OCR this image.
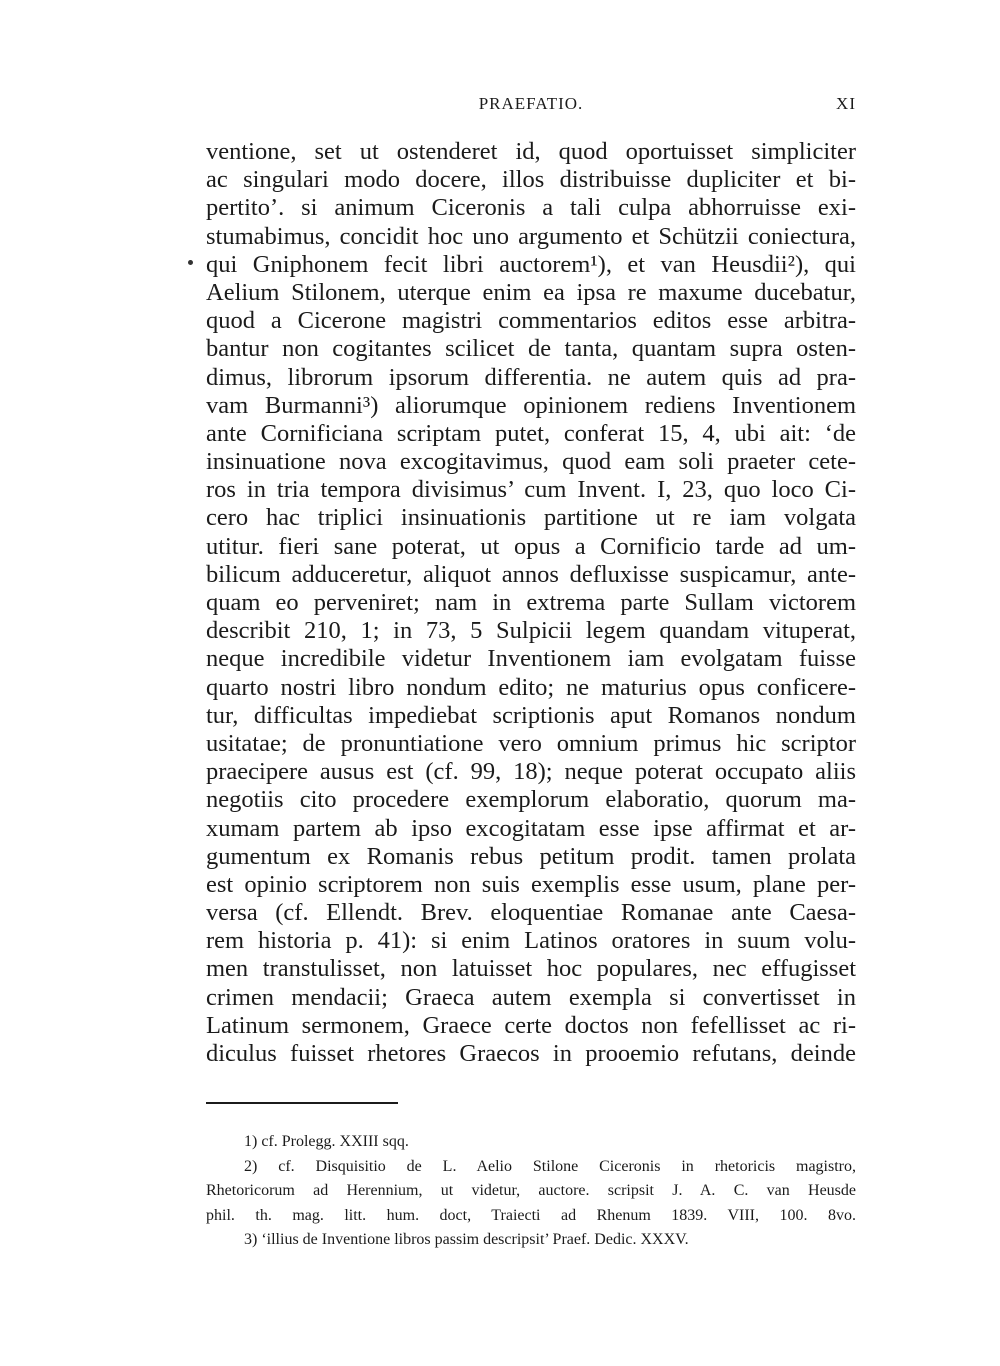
PRAEFATIO.	XI
ventione, set ut ostenderet id, quod oportuisset simpliciter
ac singulari modo docere, illos distribuisse dupliciter et bi-
pertito’. si animum Ciceronis a tali culpa abhorruisse exi-
stumabimus, concidit hoc uno argumento et Schützii coniectura,
qui Gniphonem fecit libri auctorem¹), et van Heusdii²), qui
Aelium Stilonem, uterque enim ea ipsa re maxume ducebatur,
quod a Cicerone magistri commentarios editos esse arbitra-
bantur non cogitantes scilicet de tanta, quantam supra osten-
dimus, librorum ipsorum differentia. ne autem quis ad pra-
vam Burmanni³) aliorumque opinionem rediens Inventionem
ante Cornificiana scriptam putet, conferat 15, 4, ubi ait: ‘de
insinuatione nova excogitavimus, quod eam soli praeter cete-
ros in tria tempora divisimus’ cum Invent. I, 23, quo loco Ci-
cero hac triplici insinuationis partitione ut re iam volgata
utitur. fieri sane poterat, ut opus a Cornificio tarde ad um-
bilicum adduceretur, aliquot annos defluxisse suspicamur, ante-
quam eo perveniret; nam in extrema parte Sullam victorem
describit 210, 1; in 73, 5 Sulpicii legem quandam vituperat,
neque incredibile videtur Inventionem iam evolgatam fuisse
quarto nostri libro nondum edito; ne maturius opus conficere-
tur, difficultas impediebat scriptionis aput Romanos nondum
usitatae; de pronuntiatione vero omnium primus hic scriptor
praecipere ausus est (cf. 99, 18); neque poterat occupato aliis
negotiis cito procedere exemplorum elaboratio, quorum ma-
xumam partem ab ipso excogitatam esse ipse affirmat et ar-
gumentum ex Romanis rebus petitum prodit. tamen prolata
est opinio scriptorem non suis exemplis esse usum, plane per-
versa (cf. Ellendt. Brev. eloquentiae Romanae ante Caesa-
rem historia p. 41): si enim Latinos oratores in suum volu-
men transtulisset, non latuisset hoc populares, nec effugisset
crimen mendacii; Graeca autem exempla si convertisset in
Latinum sermonem, Graece certe doctos non fefellisset ac ri-
diculus fuisset rhetores Graecos in prooemio refutans, deinde
1) cf. Prolegg. XXIII sqq.
2) cf. Disquisitio de L. Aelio Stilone Ciceronis in rhetoricis magistro,
Rhetoricorum ad Herennium, ut videtur, auctore. scripsit J. A. C. van Heusde
phil. th. mag. litt. hum. doct, Traiecti ad Rhenum 1839. VIII, 100. 8vo.
3) ‘illius de Inventione libros passim descripsit’ Praef. Dedic. XXXV.
